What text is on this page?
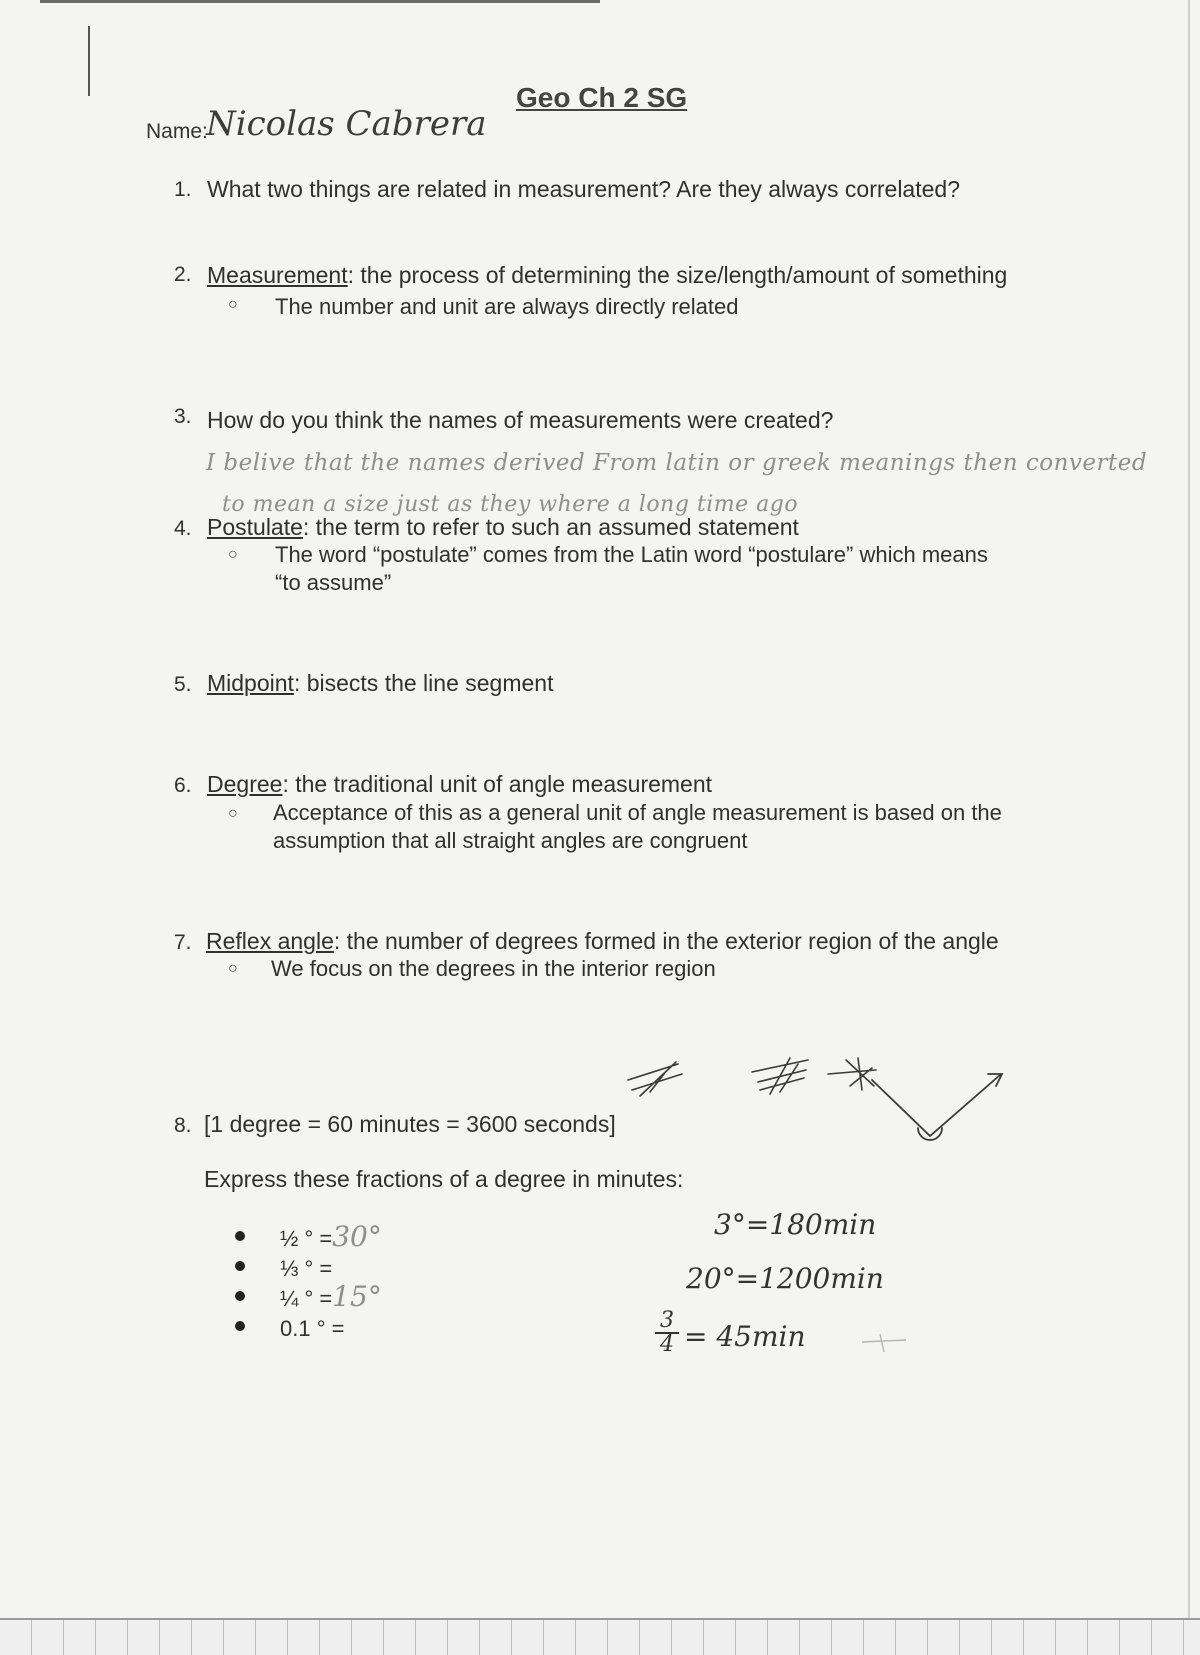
Geo Ch 2 SG
Name:
Nicolas Cabrera
1. What two things are related in measurement? Are they always correlated?
2. Measurement: the process of determining the size/length/amount of something
○ The number and unit are always directly related
3. How do you think the names of measurements were created?
I belive that the names derived From latin or greek meanings then converted
to mean a size just as they where a long time ago
4. Postulate: the term to refer to such an assumed statement
○ The word “postulate” comes from the Latin word “postulare” which means
“to assume”
5. Midpoint: bisects the line segment
6. Degree: the traditional unit of angle measurement
○ Acceptance of this as a general unit of angle measurement is based on the
assumption that all straight angles are congruent
7. Reflex angle: the number of degrees formed in the exterior region of the angle
○ We focus on the degrees in the interior region
8. [1 degree = 60 minutes = 3600 seconds]
Express these fractions of a degree in minutes:
½ ° =30°
⅓ ° =
¼ ° =15°
0.1 ° =
3°=180min
20°=1200min
3
4 = 45min
